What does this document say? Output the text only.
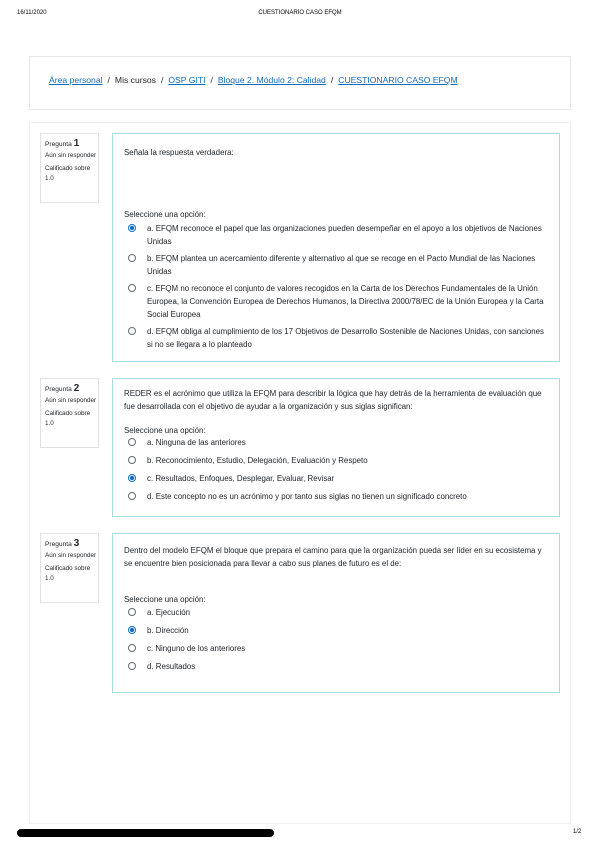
16/11/2020	CUESTIONARIO CASO EFQM
Área personal / Mis cursos / OSP GITI / Bloque 2. Módulo 2: Calidad / CUESTIONARIO CASO EFQM
Pregunta 1
Aún sin responder
Calificado sobre 1.0
Señala la respuesta verdadera:
Seleccione una opción:
a. EFQM reconoce el papel que las organizaciones pueden desempeñar en el apoyo a los objetivos de Naciones Unidas
b. EFQM plantea un acercamiento diferente y alternativo al que se recoge en el Pacto Mundial de las Naciones Unidas
c. EFQM no reconoce el conjunto de valores recogidos en la Carta de los Derechos Fundamentales de la Unión Europea, la Convención Europea de Derechos Humanos, la Directiva 2000/78/EC de la Unión Europea y la Carta Social Europea
d. EFQM obliga al cumplimiento de los 17 Objetivos de Desarrollo Sostenible de Naciones Unidas, con sanciones si no se llegara a lo planteado
Pregunta 2
Aún sin responder
Calificado sobre 1.0
REDER es el acrónimo que utiliza la EFQM para describir la lógica que hay detrás de la herramienta de evaluación que fue desarrollada con el objetivo de ayudar a la organización y sus siglas significan:
Seleccione una opción:
a. Ninguna de las anteriores
b. Reconocimiento, Estudio, Delegación, Evaluación y Respeto
c. Resultados, Enfoques, Desplegar, Evaluar, Revisar
d. Este concepto no es un acrónimo y por tanto sus siglas no tienen un significado concreto
Pregunta 3
Aún sin responder
Calificado sobre 1.0
Dentro del modelo EFQM el bloque que prepara el camino para que la organización pueda ser líder en su ecosistema y se encuentre bien posicionada para llevar a cabo sus planes de futuro es el de:
Seleccione una opción:
a. Ejecución
b. Dirección
c. Ninguno de los anteriores
d. Resultados
1/2
